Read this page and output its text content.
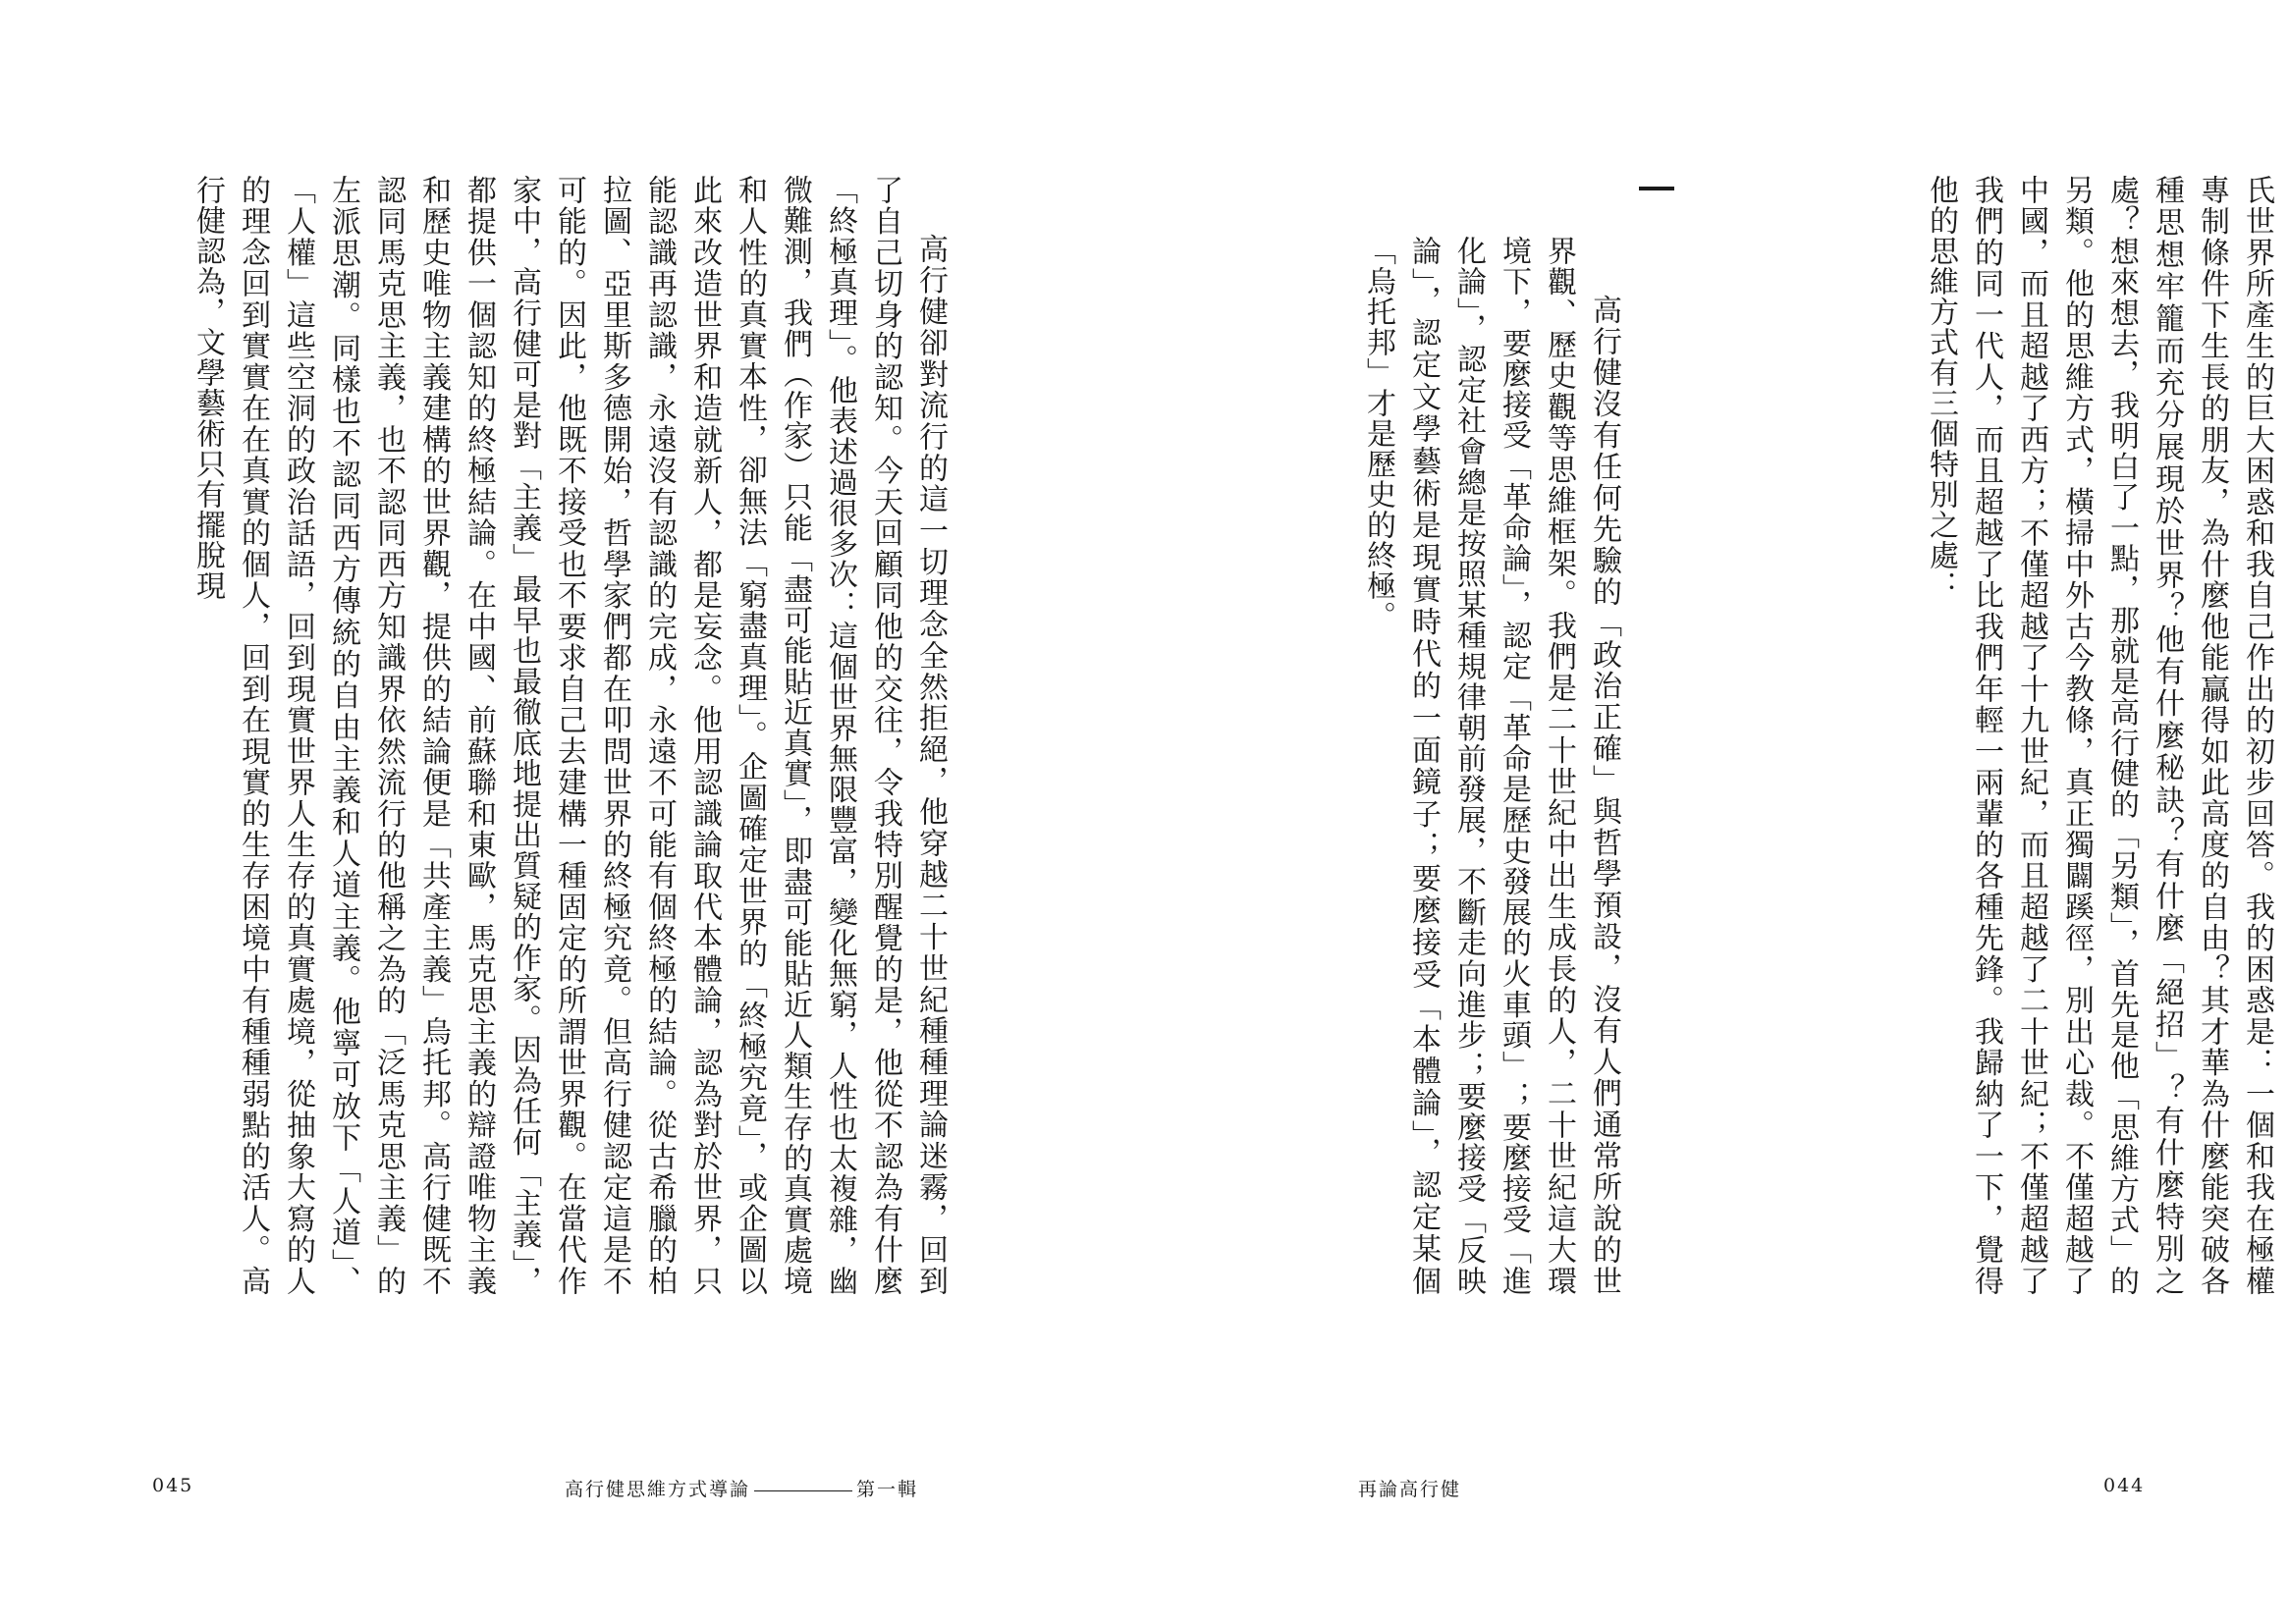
高行健卻對流行的這一切理念全然拒絕，他穿越二十世紀種種理論迷霧，回到了自己切身的認知。今天回顧同他的交往，令我特別醒覺的是，他從不認為有什麼「終極真理」。他表述過很多次：這個世界無限豐富，變化無窮，人性也太複雜，幽微難測，我們（作家）只能「盡可能貼近真實」，即盡可能貼近人類生存的真實處境和人性的真實本性，卻無法「窮盡真理」。企圖確定世界的「終極究竟」，或企圖以此來改造世界和造就新人，都是妄念。他用認識論取代本體論，認為對於世界，只能認識再認識，永遠沒有認識的完成，永遠不可能有個終極的結論。從古希臘的柏拉圖、亞里斯多德開始，哲學家們都在叩問世界的終極究竟。但高行健認定這是不可能的。因此，他既不接受也不要求自己去建構一種固定的所謂世界觀。在當代作家中，高行健可是對「主義」最早也最徹底地提出質疑的作家。因為任何「主義」，都提供一個認知的終極結論。在中國、前蘇聯和東歐，馬克思主義的辯證唯物主義和歷史唯物主義建構的世界觀，提供的結論便是「共產主義」烏托邦。高行健既不認同馬克思主義，也不認同西方知識界依然流行的他稱之為的「泛馬克思主義」的左派思潮。同樣也不認同西方傳統的自由主義和人道主義。他寧可放下「人道」、「人權」這些空洞的政治話語，回到現實世界人生存的真實處境，從抽象大寫的人的理念回到實實在在真實的個人，回到在現實的生存困境中有種種弱點的活人。高行健認為，文學藝術只有擺脫現

045	高行健思維方式導論	第一輯

氏世界所產生的巨大困惑和我自己作出的初步回答。我的困惑是：一個和我在極權專制條件下生長的朋友，為什麼他能贏得如此高度的自由？其才華為什麼能突破各種思想牢籠而充分展現於世界？他有什麼秘訣？有什麼「絕招」？有什麼特別之處？想來想去，我明白了一點，那就是高行健的「另類」，首先是他「思維方式」的另類。他的思維方式，橫掃中外古今教條，真正獨闢蹊徑，別出心裁。不僅超越了中國，而且超越了西方；不僅超越了十九世紀，而且超越了二十世紀；不僅超越了我們的同一代人，而且超越了比我們年輕一兩輩的各種先鋒。我歸納了一下，覺得他的思維方式有三個特別之處：

高行健沒有任何先驗的「政治正確」與哲學預設，沒有人們通常所說的世界觀、歷史觀等思維框架。我們是二十世紀中出生成長的人，二十世紀這大環境下，要麼接受「革命論」，認定「革命是歷史發展的火車頭」；要麼接受「進化論」，認定社會總是按照某種規律朝前發展，不斷走向進步；要麼接受「反映論」，認定文學藝術是現實時代的一面鏡子；要麼接受「本體論」，認定某個「烏托邦」才是歷史的終極。

再論高行健	044
